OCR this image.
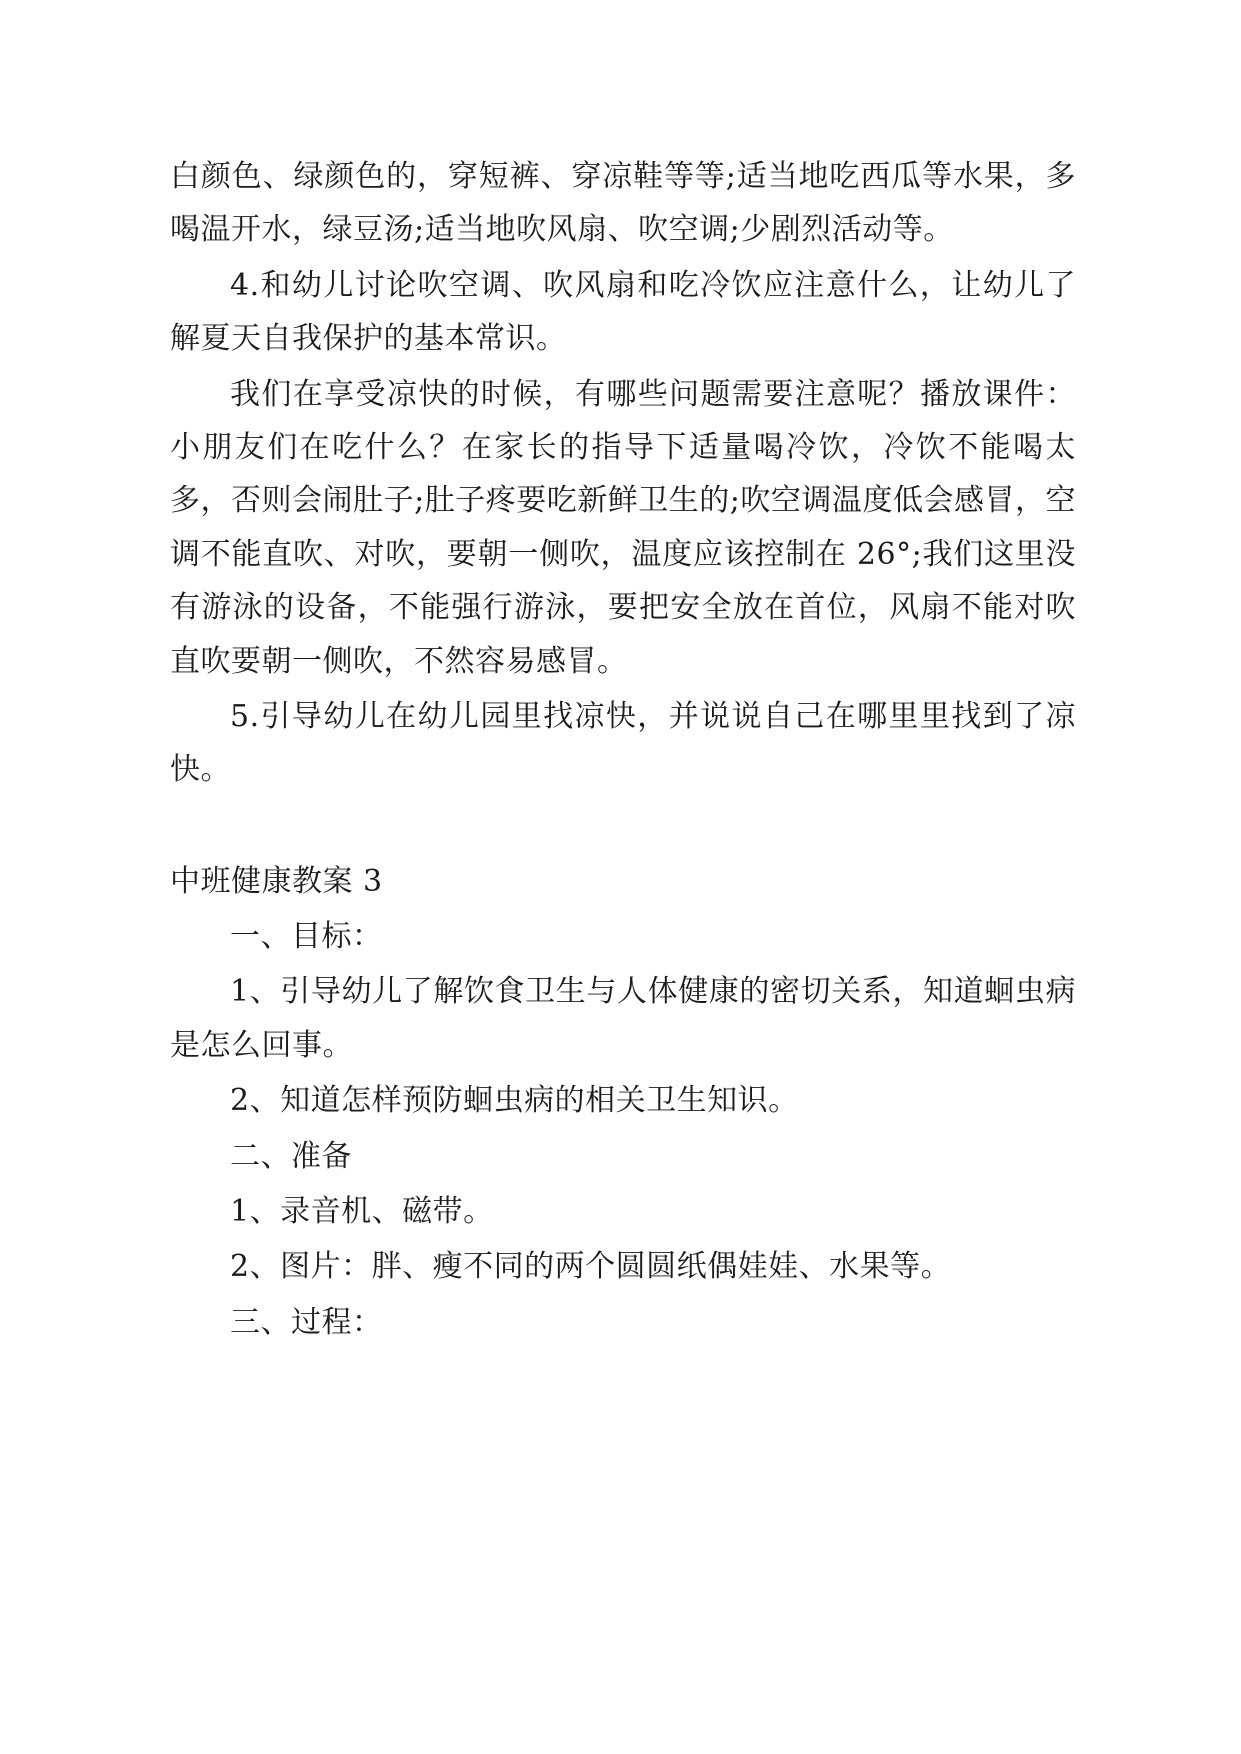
白颜色、绿颜色的，穿短裤、穿凉鞋等等;适当地吃西瓜等水果，多喝温开水，绿豆汤;适当地吹风扇、吹空调;少剧烈活动等。

4.和幼儿讨论吹空调、吹风扇和吃冷饮应注意什么，让幼儿了解夏天自我保护的基本常识。

我们在享受凉快的时候，有哪些问题需要注意呢？播放课件：小朋友们在吃什么？在家长的指导下适量喝冷饮，冷饮不能喝太多，否则会闹肚子;肚子疼要吃新鲜卫生的;吹空调温度低会感冒，空调不能直吹、对吹，要朝一侧吹，温度应该控制在 26°;我们这里没有游泳的设备，不能强行游泳，要把安全放在首位，风扇不能对吹直吹要朝一侧吹，不然容易感冒。

5.引导幼儿在幼儿园里找凉快，并说说自己在哪里里找到了凉快。

中班健康教案 3

一、目标：

1、引导幼儿了解饮食卫生与人体健康的密切关系，知道蛔虫病是怎么回事。

2、知道怎样预防蛔虫病的相关卫生知识。

二、准备

1、录音机、磁带。

2、图片：胖、瘦不同的两个圆圆纸偶娃娃、水果等。

三、过程：
